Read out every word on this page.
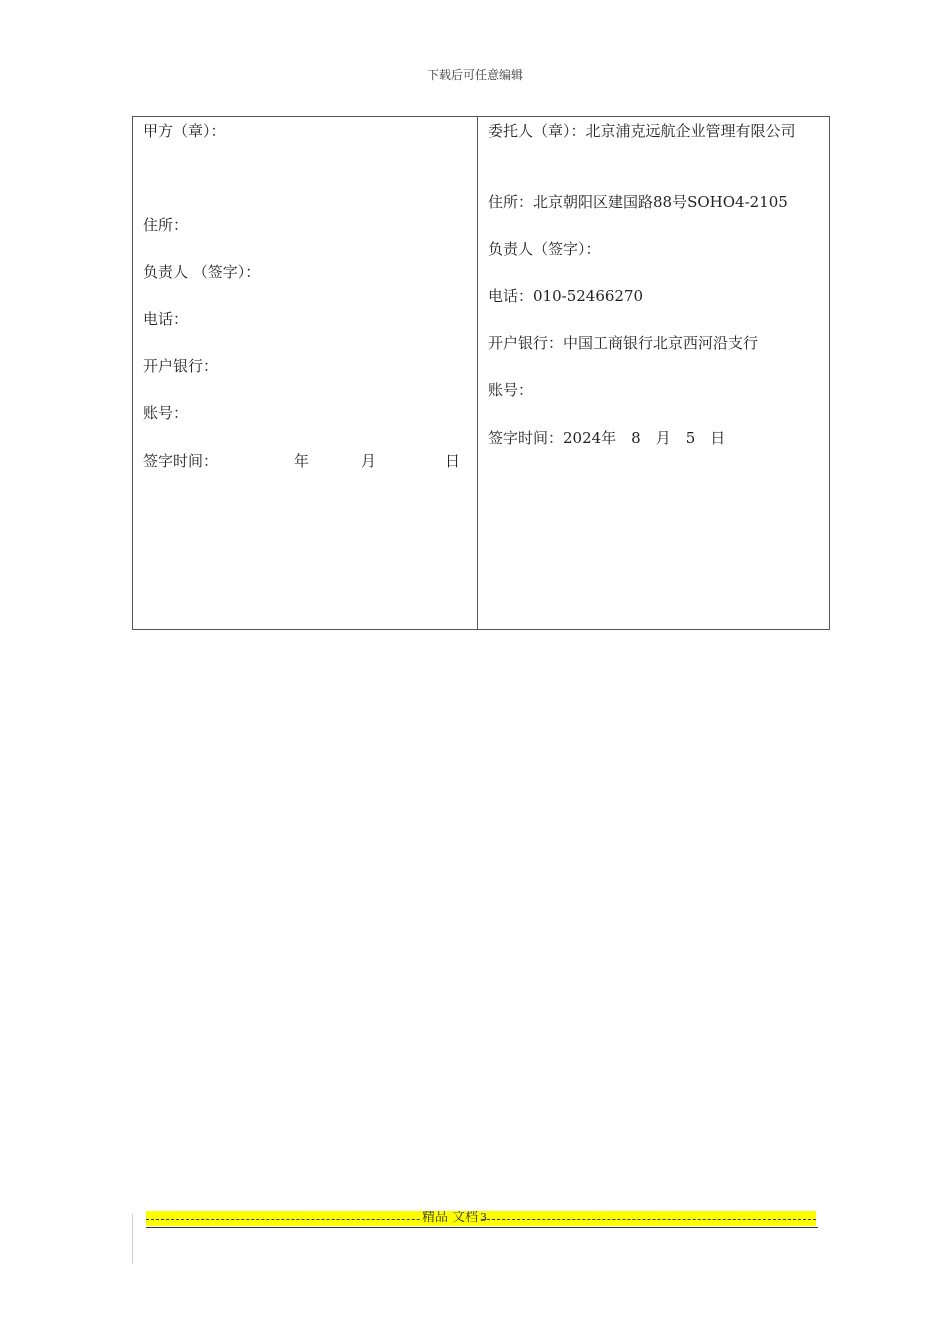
下载后可任意编辑
甲方（章）：
住所：
负责人 （签字）：
电话：
开户银行：
账号：
签字时间：	年	月	日
委托人（章）：北京浦克远航企业管理有限公司
住所：北京朝阳区建国路88号SOHO4-2105
负责人（签字）：
电话：010-52466270
开户银行：中国工商银行北京西河沿支行
账号：
签字时间：2024年　8　月　5　日
精品 文档 3
